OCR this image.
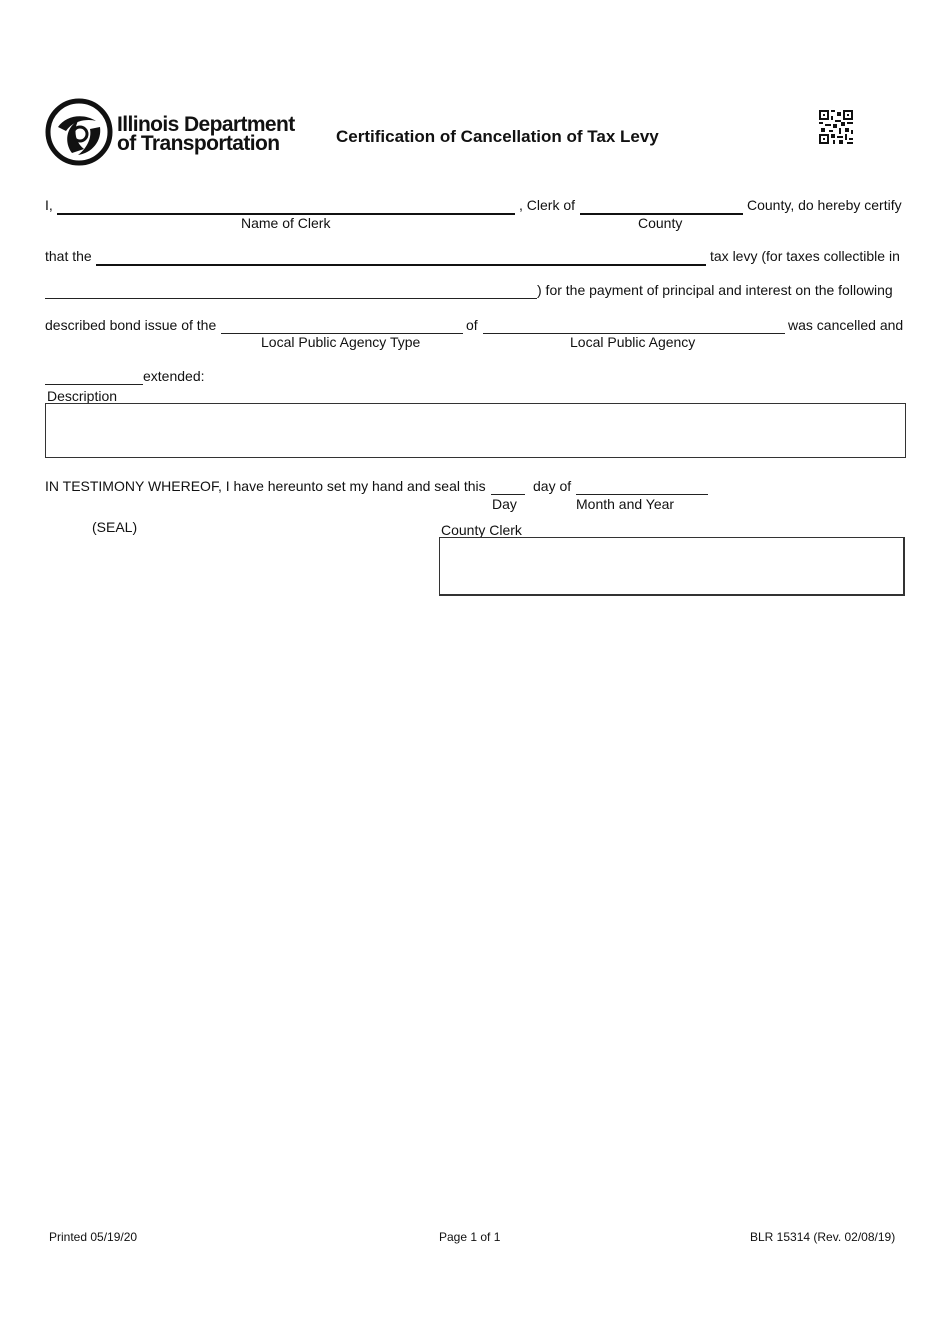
Illinois Department
of Transportation	Certification of Cancellation of Tax Levy
I,	, Clerk of	County, do hereby certify
Name of Clerk	County
that the	tax levy (for taxes collectible in
) for the payment of principal and interest on the following
described bond issue of the	of	was cancelled and
Local Public Agency Type	Local Public Agency
extended:
Description
IN TESTIMONY WHEREOF, I have hereunto set my hand and seal this	day of
Day	Month and Year
(SEAL)	County Clerk
Printed 05/19/20	Page 1 of 1	BLR 15314 (Rev. 02/08/19)
